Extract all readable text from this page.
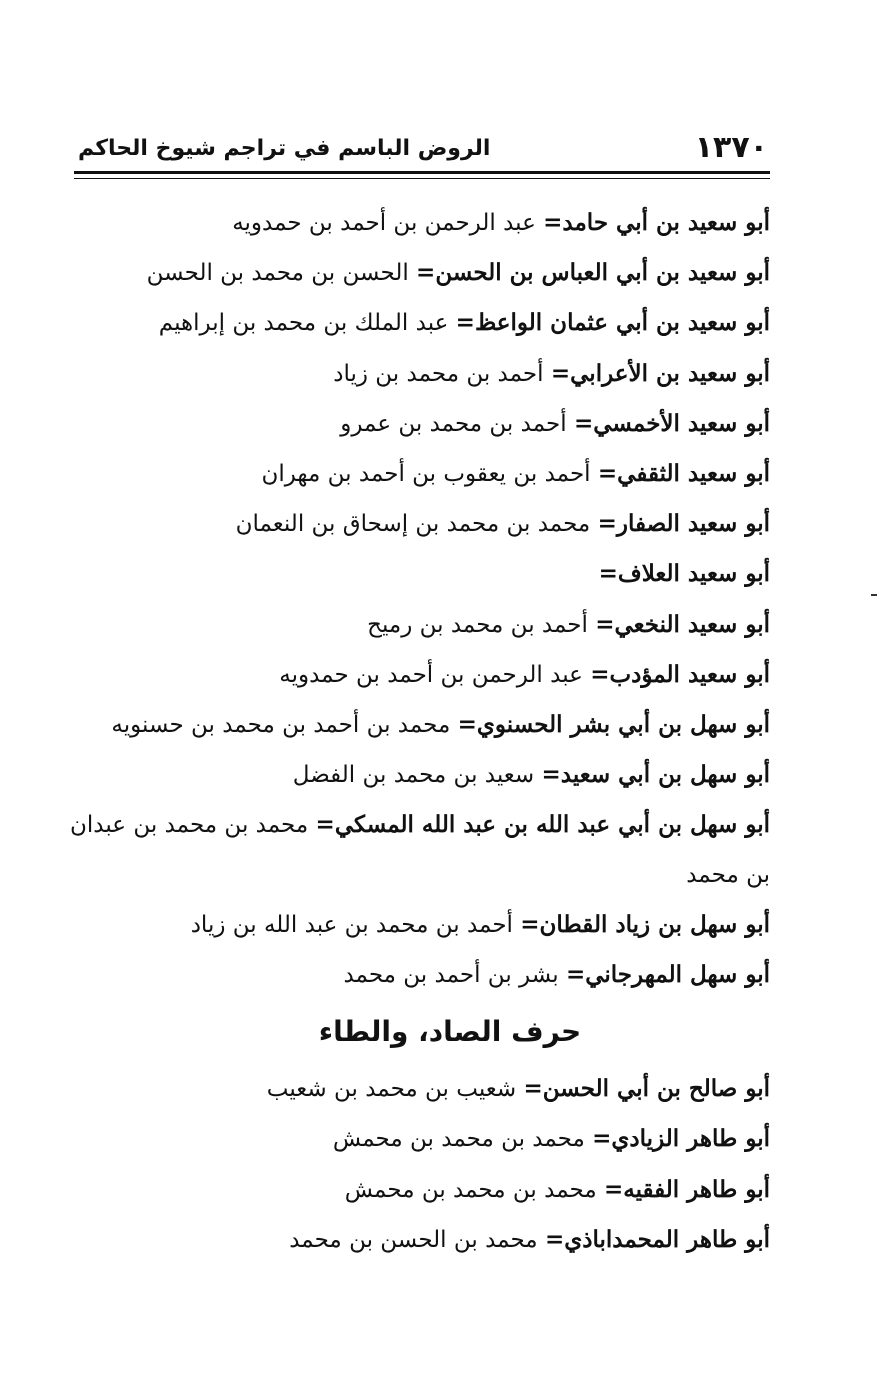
١٣٧٠
الروض الباسم في تراجم شيوخ الحاكم
أبو سعيد بن أبي حامد= عبد الرحمن بن أحمد بن حمدويه
أبو سعيد بن أبي العباس بن الحسن= الحسن بن محمد بن الحسن
أبو سعيد بن أبي عثمان الواعظ= عبد الملك بن محمد بن إبراهيم
أبو سعيد بن الأعرابي= أحمد بن محمد بن زياد
أبو سعيد الأخمسي= أحمد بن محمد بن عمرو
أبو سعيد الثقفي= أحمد بن يعقوب بن أحمد بن مهران
أبو سعيد الصفار= محمد بن محمد بن إسحاق بن النعمان
أبو سعيد العلاف=
أبو سعيد النخعي= أحمد بن محمد بن رميح
أبو سعيد المؤدب= عبد الرحمن بن أحمد بن حمدويه
أبو سهل بن أبي بشر الحسنوي= محمد بن أحمد بن محمد بن حسنويه
أبو سهل بن أبي سعيد= سعيد بن محمد بن الفضل
أبو سهل بن أبي عبد الله بن عبد الله المسكي= محمد بن محمد بن عبدان بن محمد
أبو سهل بن زياد القطان= أحمد بن محمد بن عبد الله بن زياد
أبو سهل المهرجاني= بشر بن أحمد بن محمد
حرف الصاد، والطاء
أبو صالح بن أبي الحسن= شعيب بن محمد بن شعيب
أبو طاهر الزيادي= محمد بن محمد بن محمش
أبو طاهر الفقيه= محمد بن محمد بن محمش
أبو طاهر المحمداباذي= محمد بن الحسن بن محمد
